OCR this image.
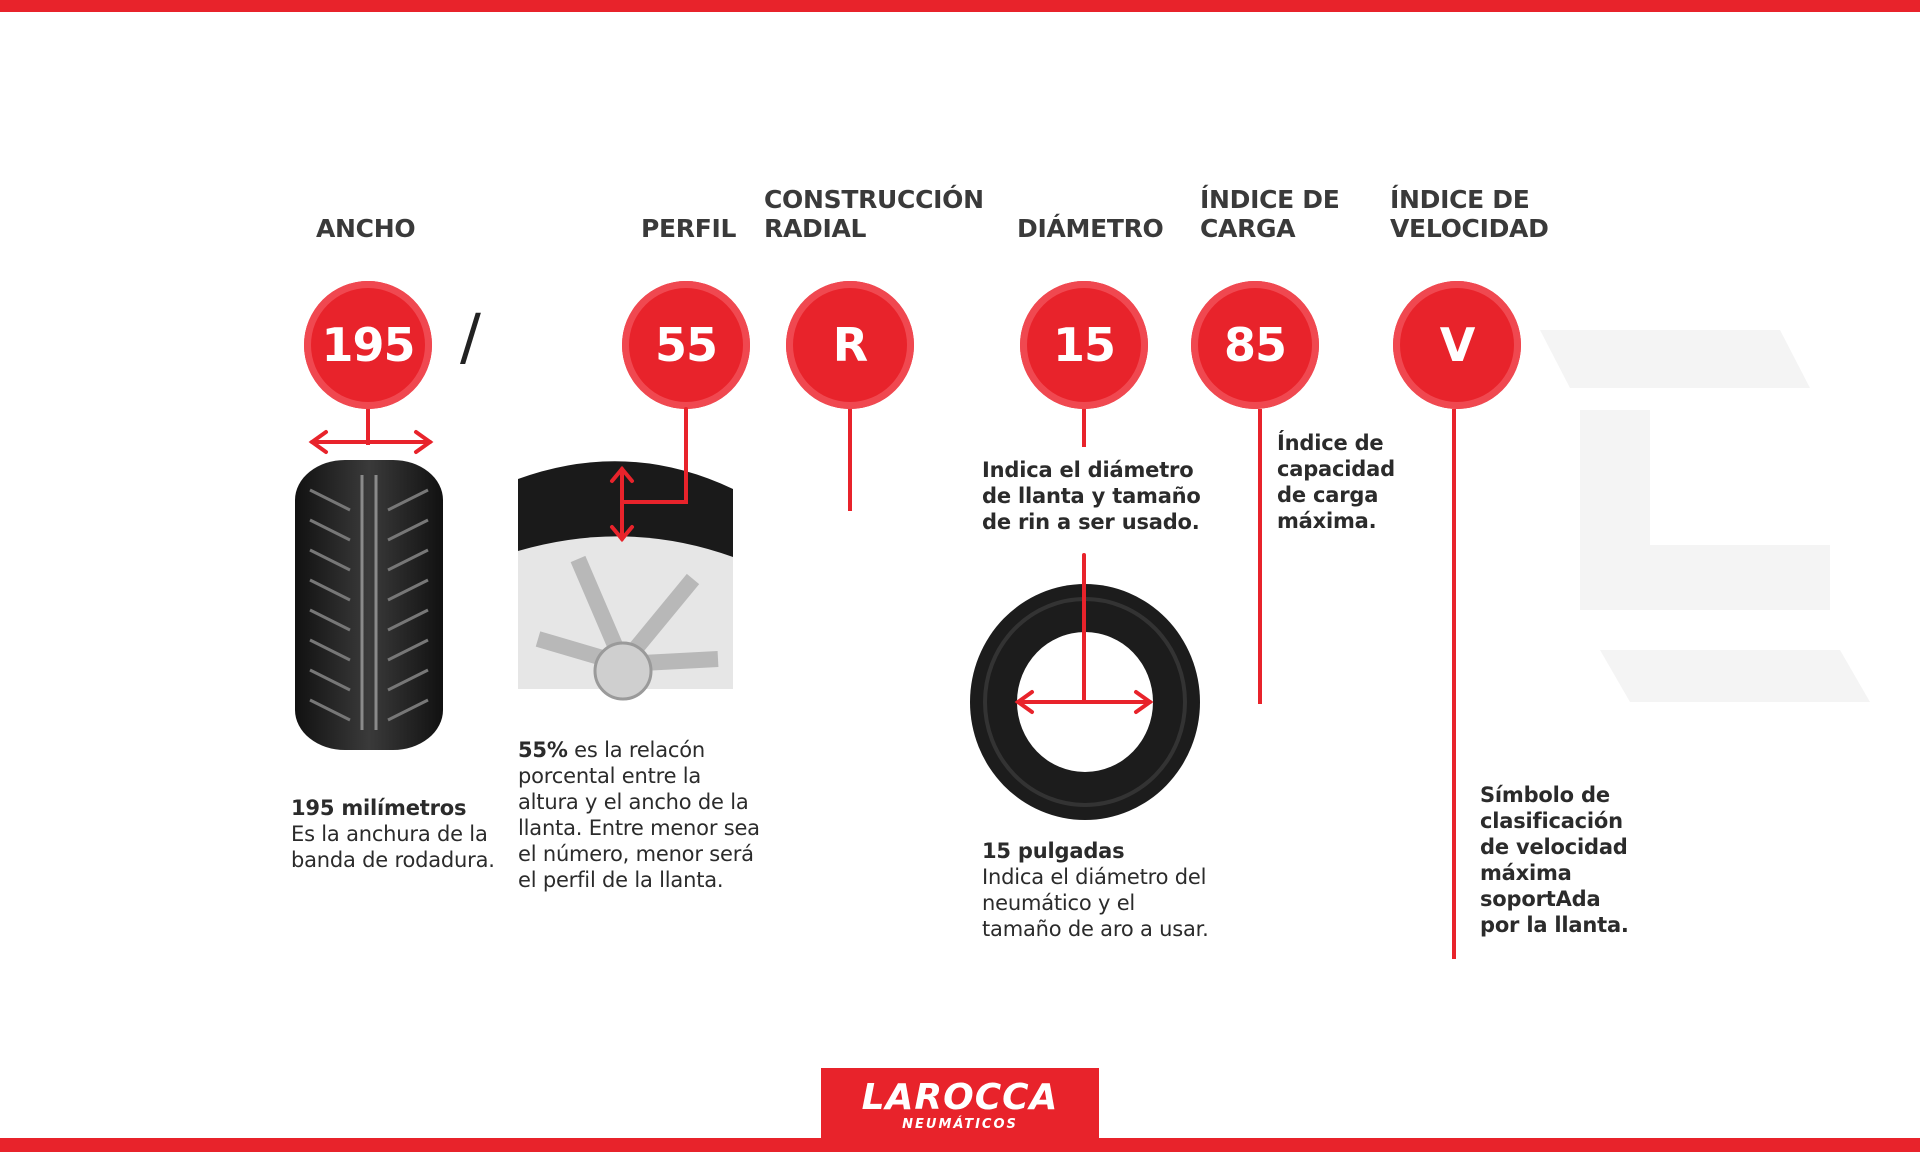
ANCHO	PERFIL
CONSTRUCCIÓN
RADIAL	DIÁMETRO
ÍNDICE DE
CARGA
ÍNDICE DE
VELOCIDAD
195 /	55	R	15	85	V
195 milímetros
Es la anchura de la banda de rodadura.
55% es la relacón porcental entre la altura y el ancho de la llanta. Entre menor sea el número, menor será el perfil de la llanta.
Indica el diámetro de llanta y tamaño de rin a ser usado.
15 pulgadas
Indica el diámetro del neumático y el tamaño de aro a usar.
Índice de capacidad de carga máxima.
Símbolo de clasificación de velocidad máxima soportAda por la llanta.
LAROCCA
NEUMÁTICOS
